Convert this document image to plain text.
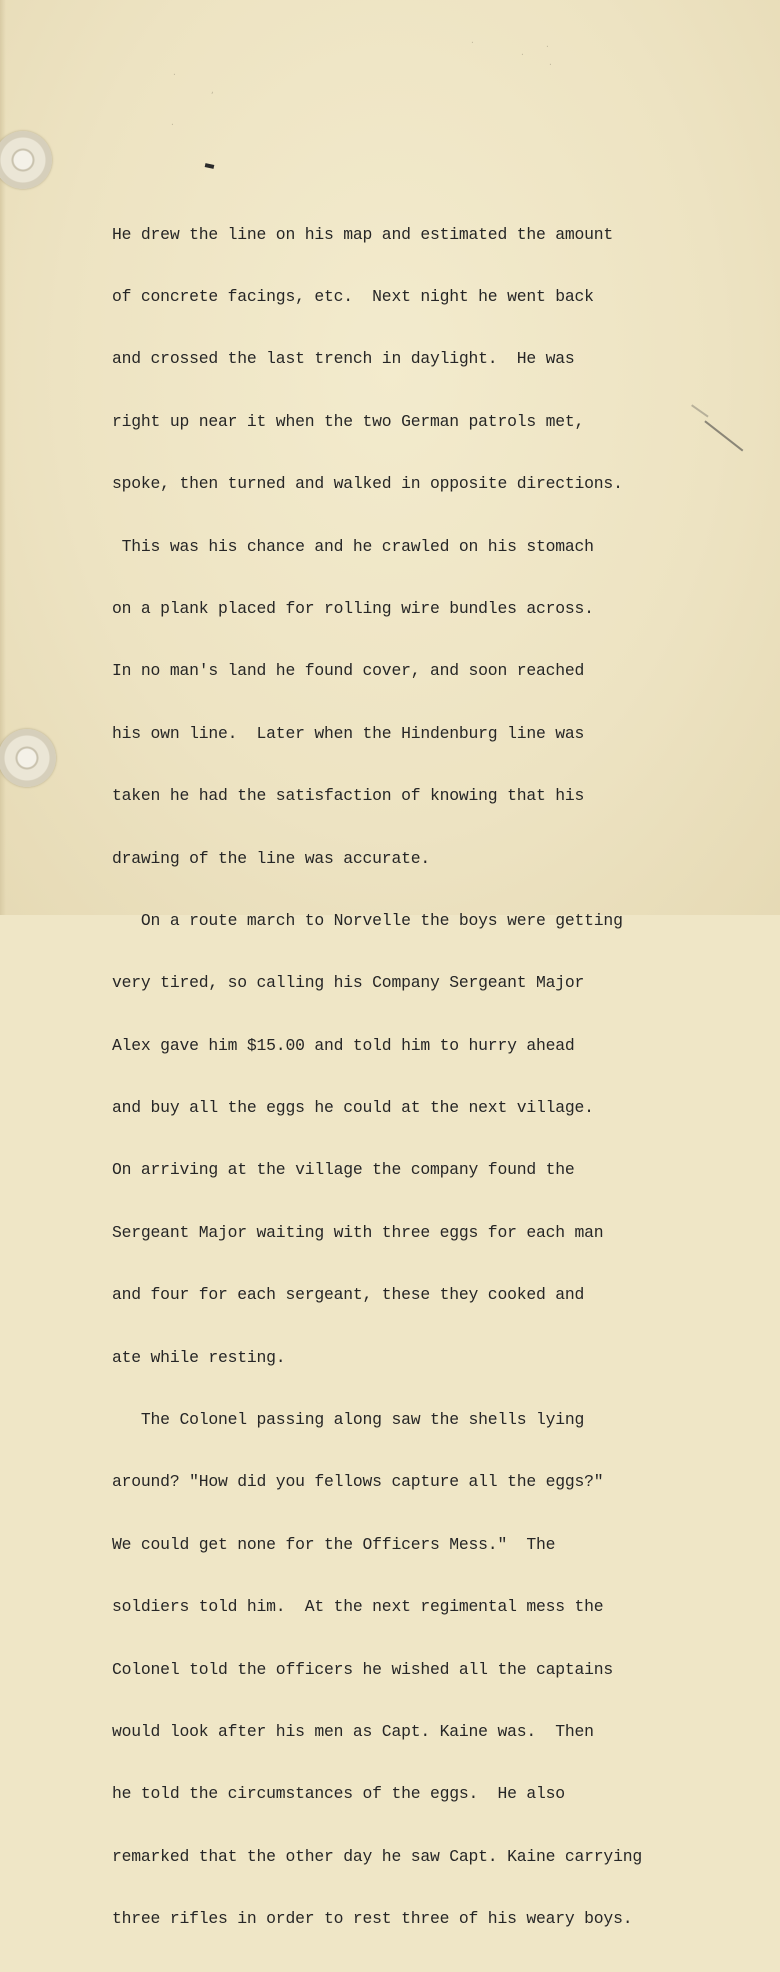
.
,
.
.
.
.
.

He drew the line on his map and estimated the amount

of concrete facings, etc.  Next night he went back

and crossed the last trench in daylight.  He was

right up near it when the two German patrols met,

spoke, then turned and walked in opposite directions.

This was his chance and he crawled on his stomach

on a plank placed for rolling wire bundles across.

In no man's land he found cover, and soon reached

his own line.  Later when the Hindenburg line was

taken he had the satisfaction of knowing that his

drawing of the line was accurate.

On a route march to Norvelle the boys were getting

very tired, so calling his Company Sergeant Major

Alex gave him $15.00 and told him to hurry ahead

and buy all the eggs he could at the next village.

On arriving at the village the company found the

Sergeant Major waiting with three eggs for each man

and four for each sergeant, these they cooked and

ate while resting.

The Colonel passing along saw the shells lying

around? "How did you fellows capture all the eggs?"

We could get none for the Officers Mess."  The

soldiers told him.  At the next regimental mess the

Colonel told the officers he wished all the captains

would look after his men as Capt. Kaine was.  Then

he told the circumstances of the eggs.  He also

remarked that the other day he saw Capt. Kaine carrying

three rifles in order to rest three of his weary boys.
